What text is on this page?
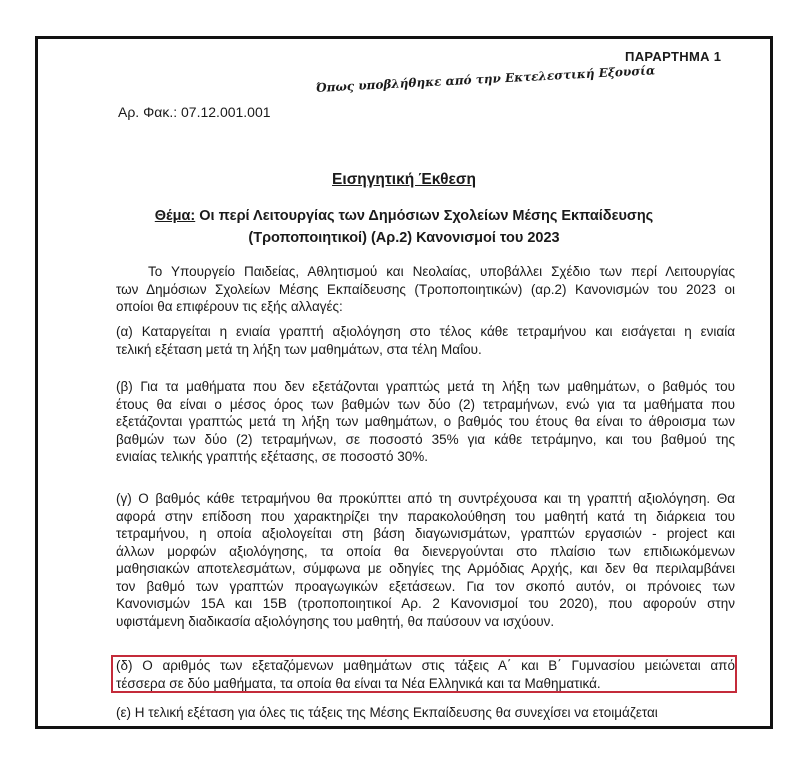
ΠΑΡΑΡΤΗΜΑ 1
Όπως υποβλήθηκε από την Εκτελεστική Εξουσία
Αρ. Φακ.: 07.12.001.001
Εισηγητική Έκθεση
Θέμα: Οι περί Λειτουργίας των Δημόσιων Σχολείων Μέσης Εκπαίδευσης
(Τροποποιητικοί) (Αρ.2) Κανονισμοί του 2023
Το Υπουργείο Παιδείας, Αθλητισμού και Νεολαίας, υποβάλλει Σχέδιο των περί Λειτουργίας
των Δημόσιων Σχολείων Μέσης Εκπαίδευσης (Τροποποιητικών) (αρ.2) Κανονισμών του 2023 οι
οποίοι θα επιφέρουν τις εξής αλλαγές:
(α) Καταργείται η ενιαία γραπτή αξιολόγηση στο τέλος κάθε τετραμήνου και εισάγεται η ενιαία
τελική εξέταση μετά τη λήξη των μαθημάτων, στα τέλη Μαΐου.
(β) Για τα μαθήματα που δεν εξετάζονται γραπτώς μετά τη λήξη των μαθημάτων, ο βαθμός του
έτους θα είναι ο μέσος όρος των βαθμών των δύο (2) τετραμήνων, ενώ για τα μαθήματα που
εξετάζονται γραπτώς μετά τη λήξη των μαθημάτων, ο βαθμός του έτους θα είναι το άθροισμα των
βαθμών των δύο (2) τετραμήνων, σε ποσοστό 35% για κάθε τετράμηνο, και του βαθμού της
ενιαίας τελικής γραπτής εξέτασης, σε ποσοστό 30%.
(γ) Ο βαθμός κάθε τετραμήνου θα προκύπτει από τη συντρέχουσα και τη γραπτή αξιολόγηση. Θα
αφορά στην επίδοση που χαρακτηρίζει την παρακολούθηση του μαθητή κατά τη διάρκεια του
τετραμήνου, η οποία αξιολογείται στη βάση διαγωνισμάτων, γραπτών εργασιών - project και
άλλων μορφών αξιολόγησης, τα οποία θα διενεργούνται στο πλαίσιο των επιδιωκόμενων
μαθησιακών αποτελεσμάτων, σύμφωνα με οδηγίες της Αρμόδιας Αρχής, και δεν θα περιλαμβάνει
τον βαθμό των γραπτών προαγωγικών εξετάσεων. Για τον σκοπό αυτόν, οι πρόνοιες των
Κανονισμών 15Α και 15Β (τροποποιητικοί Αρ. 2 Κανονισμοί του 2020), που αφορούν στην
υφιστάμενη διαδικασία αξιολόγησης του μαθητή, θα παύσουν να ισχύουν.
(δ) Ο αριθμός των εξεταζόμενων μαθημάτων στις τάξεις Α΄ και Β΄ Γυμνασίου μειώνεται από
τέσσερα σε δύο μαθήματα, τα οποία θα είναι τα Νέα Ελληνικά και τα Μαθηματικά.
(ε) Η τελική εξέταση για όλες τις τάξεις της Μέσης Εκπαίδευσης θα συνεχίσει να ετοιμάζεται
